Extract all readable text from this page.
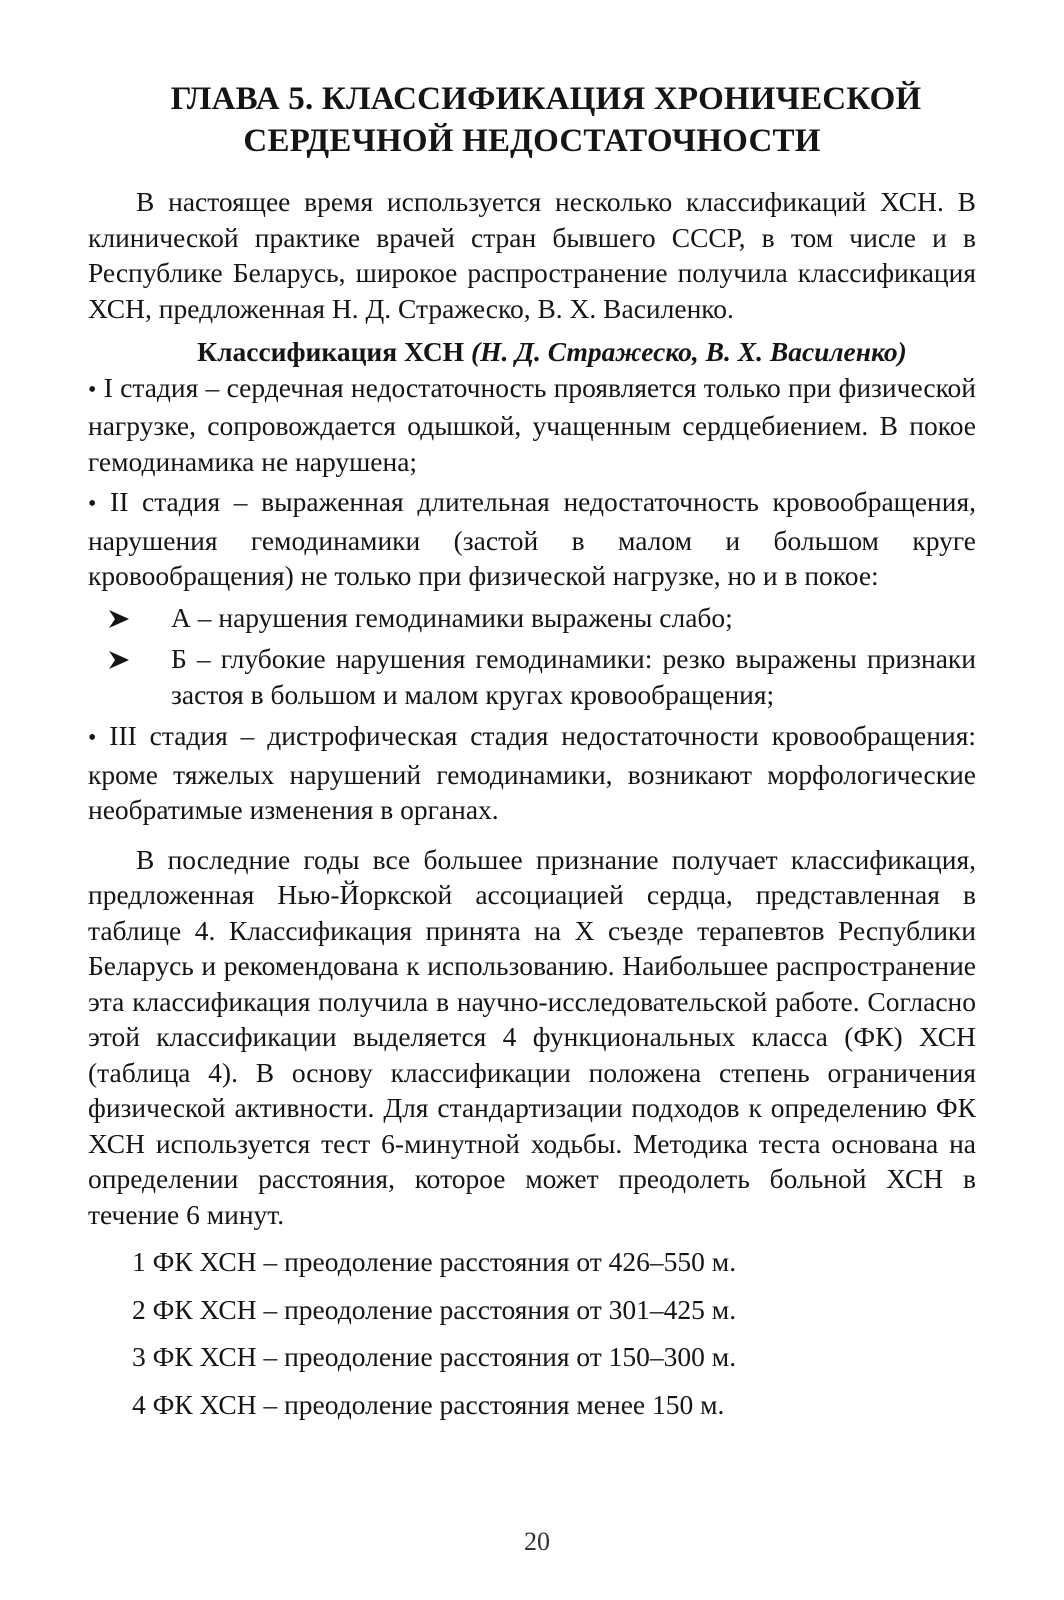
ГЛАВА 5. КЛАССИФИКАЦИЯ ХРОНИЧЕСКОЙ
СЕРДЕЧНОЙ НЕДОСТАТОЧНОСТИ

В настоящее время используется несколько классификаций ХСН. В клинической практике врачей стран бывшего СССР, в том числе и в Республике Беларусь, широкое распространение получила классификация ХСН, предложенная Н. Д. Стражеско, В. Х. Василенко.

Классификация ХСН (Н. Д. Стражеско, В. Х. Василенко)

• I стадия – сердечная недостаточность проявляется только при физической нагрузке, сопровождается одышкой, учащенным сердцебиением. В покое гемодинамика не нарушена;

• II стадия – выраженная длительная недостаточность кровообращения, нарушения гемодинамики (застой в малом и большом круге кровообращения) не только при физической нагрузке, но и в покое:

А – нарушения гемодинамики выражены слабо;
Б – глубокие нарушения гемодинамики: резко выражены признаки застоя в большом и малом кругах кровообращения;

• III стадия – дистрофическая стадия недостаточности кровообращения: кроме тяжелых нарушений гемодинамики, возникают морфологические необратимые изменения в органах.

В последние годы все большее признание получает классификация, предложенная Нью-Йоркской ассоциацией сердца, представленная в таблице 4. Классификация принята на X съезде терапевтов Республики Беларусь и рекомендована к использованию. Наибольшее распространение эта классификация получила в научно-исследовательской работе. Согласно этой классификации выделяется 4 функциональных класса (ФК) ХСН (таблица 4). В основу классификации положена степень ограничения физической активности. Для стандартизации подходов к определению ФК ХСН используется тест 6-минутной ходьбы. Методика теста основана на определении расстояния, которое может преодолеть больной ХСН в течение 6 минут.

1 ФК ХСН – преодоление расстояния от 426–550 м.
2 ФК ХСН – преодоление расстояния от 301–425 м.
3 ФК ХСН – преодоление расстояния от 150–300 м.
4 ФК ХСН – преодоление расстояния менее 150 м.
20
